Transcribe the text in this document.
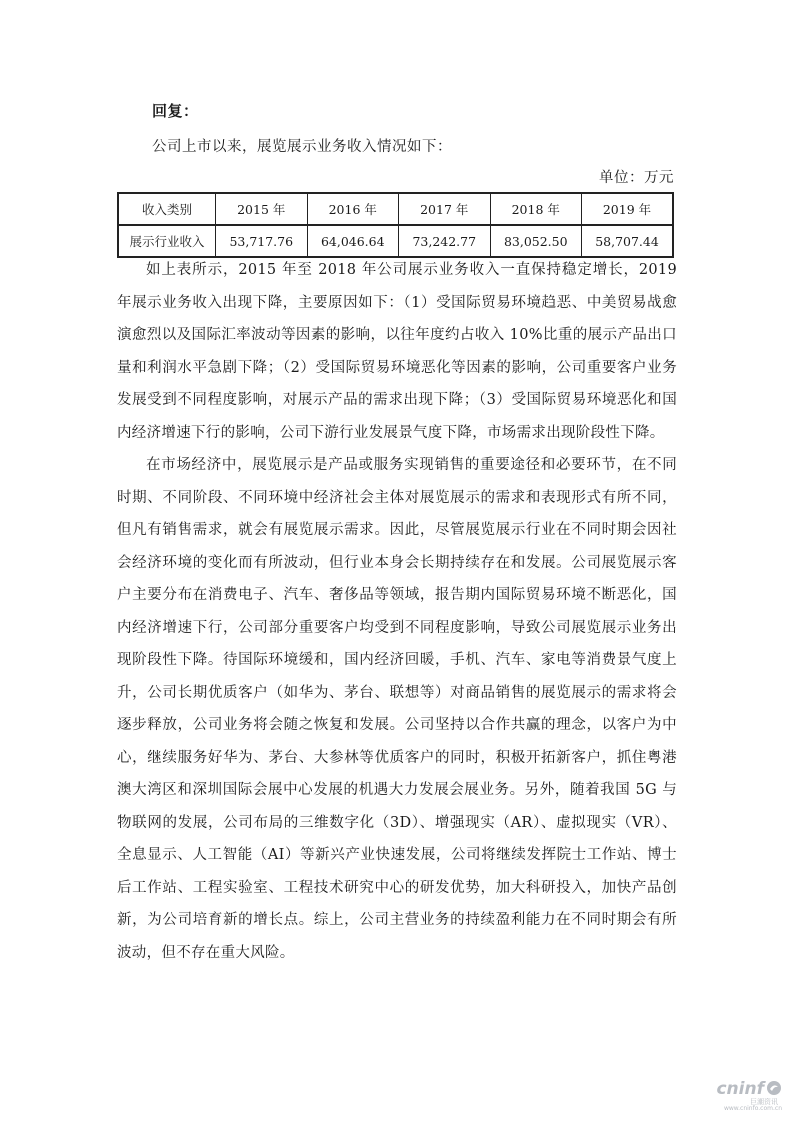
回复：
公司上市以来，展览展示业务收入情况如下：
单位：万元
收入类别	2015 年	2016 年	2017 年	2018 年	2019 年
展示行业收入	53,717.76	64,046.64	73,242.77	83,052.50	58,707.44

如上表所示，2015 年至 2018 年公司展示业务收入一直保持稳定增长，2019 年展示业务收入出现下降，主要原因如下：（1）受国际贸易环境趋恶、中美贸易战愈演愈烈以及国际汇率波动等因素的影响，以往年度约占收入 10%比重的展示产品出口量和利润水平急剧下降；（2）受国际贸易环境恶化等因素的影响，公司重要客户业务发展受到不同程度影响，对展示产品的需求出现下降；（3）受国际贸易环境恶化和国内经济增速下行的影响，公司下游行业发展景气度下降，市场需求出现阶段性下降。

在市场经济中，展览展示是产品或服务实现销售的重要途径和必要环节，在不同时期、不同阶段、不同环境中经济社会主体对展览展示的需求和表现形式有所不同，但凡有销售需求，就会有展览展示需求。因此，尽管展览展示行业在不同时期会因社会经济环境的变化而有所波动，但行业本身会长期持续存在和发展。公司展览展示客户主要分布在消费电子、汽车、奢侈品等领域，报告期内国际贸易环境不断恶化，国内经济增速下行，公司部分重要客户均受到不同程度影响，导致公司展览展示业务出现阶段性下降。待国际环境缓和，国内经济回暖，手机、汽车、家电等消费景气度上升，公司长期优质客户（如华为、茅台、联想等）对商品销售的展览展示的需求将会逐步释放，公司业务将会随之恢复和发展。公司坚持以合作共赢的理念，以客户为中心，继续服务好华为、茅台、大参林等优质客户的同时，积极开拓新客户，抓住粤港澳大湾区和深圳国际会展中心发展的机遇大力发展会展业务。另外，随着我国 5G 与物联网的发展，公司布局的三维数字化（3D）、增强现实（AR）、虚拟现实（VR）、全息显示、人工智能（AI）等新兴产业快速发展，公司将继续发挥院士工作站、博士后工作站、工程实验室、工程技术研究中心的研发优势，加大科研投入，加快产品创新，为公司培育新的增长点。综上，公司主营业务的持续盈利能力在不同时期会有所波动，但不存在重大风险。

cninf
巨潮资讯
www.cninfo.com.cn
